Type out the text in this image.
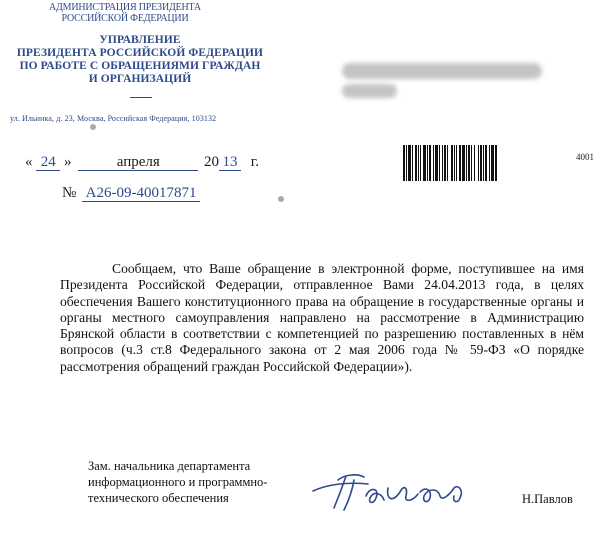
АДМИНИСТРАЦИЯ ПРЕЗИДЕНТА
РОССИЙСКОЙ ФЕДЕРАЦИИ
УПРАВЛЕНИЕ
ПРЕЗИДЕНТА РОССИЙСКОЙ ФЕДЕРАЦИИ
ПО РАБОТЕ С ОБРАЩЕНИЯМИ ГРАЖДАН
И ОРГАНИЗАЦИЙ
ул. Ильинка, д. 23, Москва, Российская Федерация, 103132
« 24 »	апреля	20 13 г.
№ А26-09-40017871
4001
Сообщаем, что Ваше обращение в электронной форме, поступившее на имя Президента Российской Федерации, отправленное Вами 24.04.2013 года, в целях обеспечения Вашего конституционного права на обращение в государственные органы и органы местного самоуправления направлено на рассмотрение в Администрацию Брянской области в соответствии с компетенцией по разрешению поставленных в нём вопросов (ч.3 ст.8 Федерального закона от 2 мая 2006 года № 59-ФЗ «О порядке рассмотрения обращений граждан Российской Федерации»).
Зам. начальника департамента
информационного и программно-
технического обеспечения	Н.Павлов
